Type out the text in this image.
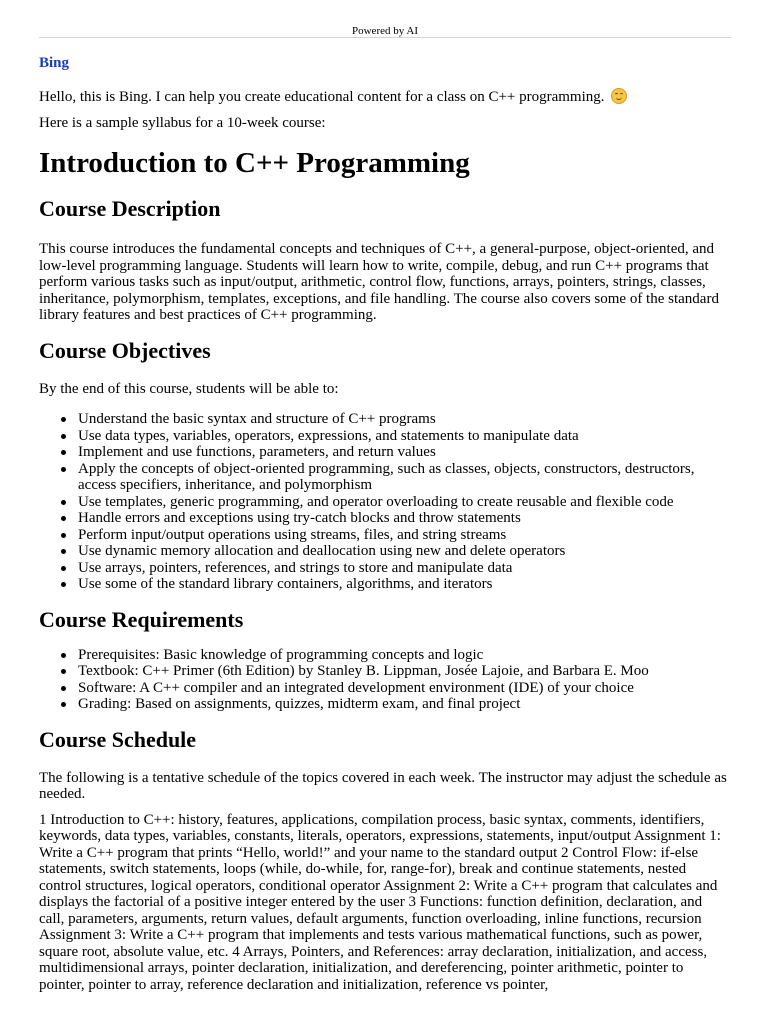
Powered by AI
Bing

Hello, this is Bing. I can help you create educational content for a class on C++ programming.

Here is a sample syllabus for a 10-week course:

Introduction to C++ Programming
Course Description

This course introduces the fundamental concepts and techniques of C++, a general-purpose, object-oriented, and low-level programming language. Students will learn how to write, compile, debug, and run C++ programs that perform various tasks such as input/output, arithmetic, control flow, functions, arrays, pointers, strings, classes, inheritance, polymorphism, templates, exceptions, and file handling. The course also covers some of the standard library features and best practices of C++ programming.

Course Objectives

By the end of this course, students will be able to:

Understand the basic syntax and structure of C++ programs
Use data types, variables, operators, expressions, and statements to manipulate data
Implement and use functions, parameters, and return values
Apply the concepts of object-oriented programming, such as classes, objects, constructors, destructors, access specifiers, inheritance, and polymorphism
Use templates, generic programming, and operator overloading to create reusable and flexible code
Handle errors and exceptions using try-catch blocks and throw statements
Perform input/output operations using streams, files, and string streams
Use dynamic memory allocation and deallocation using new and delete operators
Use arrays, pointers, references, and strings to store and manipulate data
Use some of the standard library containers, algorithms, and iterators
Course Requirements
Prerequisites: Basic knowledge of programming concepts and logic
Textbook: C++ Primer (6th Edition) by Stanley B. Lippman, Josée Lajoie, and Barbara E. Moo
Software: A C++ compiler and an integrated development environment (IDE) of your choice
Grading: Based on assignments, quizzes, midterm exam, and final project
Course Schedule

The following is a tentative schedule of the topics covered in each week. The instructor may adjust the schedule as needed.

1 Introduction to C++: history, features, applications, compilation process, basic syntax, comments, identifiers, keywords, data types, variables, constants, literals, operators, expressions, statements, input/output Assignment 1: Write a C++ program that prints “Hello, world!” and your name to the standard output 2 Control Flow: if-else statements, switch statements, loops (while, do-while, for, range-for), break and continue statements, nested control structures, logical operators, conditional operator Assignment 2: Write a C++ program that calculates and displays the factorial of a positive integer entered by the user 3 Functions: function definition, declaration, and call, parameters, arguments, return values, default arguments, function overloading, inline functions, recursion Assignment 3: Write a C++ program that implements and tests various mathematical functions, such as power, square root, absolute value, etc. 4 Arrays, Pointers, and References: array declaration, initialization, and access, multidimensional arrays, pointer declaration, initialization, and dereferencing, pointer arithmetic, pointer to pointer, pointer to array, reference declaration and initialization, reference vs pointer,
